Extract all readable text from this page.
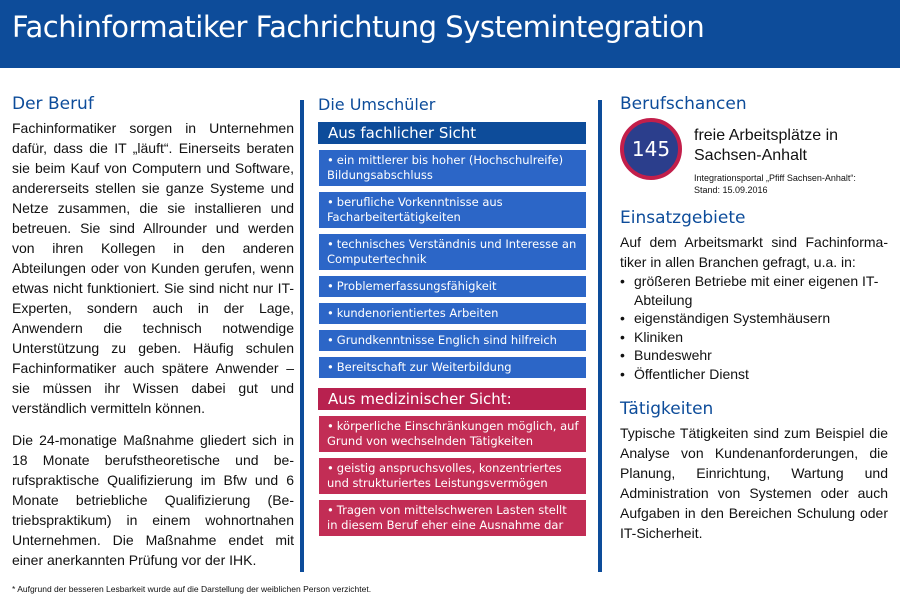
Fachinformatiker Fachrichtung Systemintegration
Der Beruf

Fachinformatiker sorgen in Unternehmen dafür, dass die IT „läuft“. Einerseits beraten sie beim Kauf von Computern und Software, andererseits stellen sie ganze Systeme und Netze zusammen, die sie installieren und betreuen. Sie sind Allrounder und werden von ihren Kollegen in den anderen Abteilungen oder von Kunden gerufen, wenn etwas nicht funktioniert. Sie sind nicht nur IT-Experten, sondern auch in der Lage, Anwendern die technisch notwendige Unterstützung zu geben. Häufig schulen Fachinformatiker auch spätere Anwender – sie müssen ihr Wissen dabei gut und verständlich vermitteln können.

Die 24-monatige Maßnahme gliedert sich in 18 Monate berufstheoretische und berufspraktische Qualifizierung im Bfw und 6 Monate betriebliche Qualifizierung (Betriebspraktikum) in einem wohnortnahen Unternehmen. Die Maßnahme endet mit einer anerkannten Prüfung vor der IHK.

Die Umschüler
Aus fachlicher Sicht
• ein mittlerer bis hoher (Hochschulreife) Bildungsabschluss
• berufliche Vorkenntnisse aus Facharbeitertätigkeiten
• technisches Verständnis und Interesse an Computertechnik
• Problemerfassungsfähigkeit
• kundenorientiertes Arbeiten
• Grundkenntnisse Englich sind hilfreich
• Bereitschaft zur Weiterbildung
Aus medizinischer Sicht:
• körperliche Einschränkungen möglich, auf Grund von wechselnden Tätigkeiten
• geistig anspruchsvolles, konzentriertes und strukturiertes Leistungsvermögen
• Tragen von mittelschweren Lasten stellt in diesem Beruf eher eine Ausnahme dar
Berufschancen
145
freie Arbeitsplätze in Sachsen-Anhalt
Integrationsportal „Pfiff Sachsen-Anhalt“:
Stand: 15.09.2016
Einsatzgebiete

Auf dem Arbeitsmarkt sind Fachinformatiker in allen Branchen gefragt, u.a. in:

• größeren Betriebe mit einer eigenen IT-Abteilung
• eigenständigen Systemhäusern
• Kliniken
• Bundeswehr
• Öffentlicher Dienst
Tätigkeiten

Typische Tätigkeiten sind zum Beispiel die Analyse von Kundenanforderungen, die Planung, Einrichtung, Wartung und Administration von Systemen oder auch Aufgaben in den Bereichen Schulung oder IT-Sicherheit.

* Aufgrund der besseren Lesbarkeit wurde auf die Darstellung der weiblichen Person verzichtet.
